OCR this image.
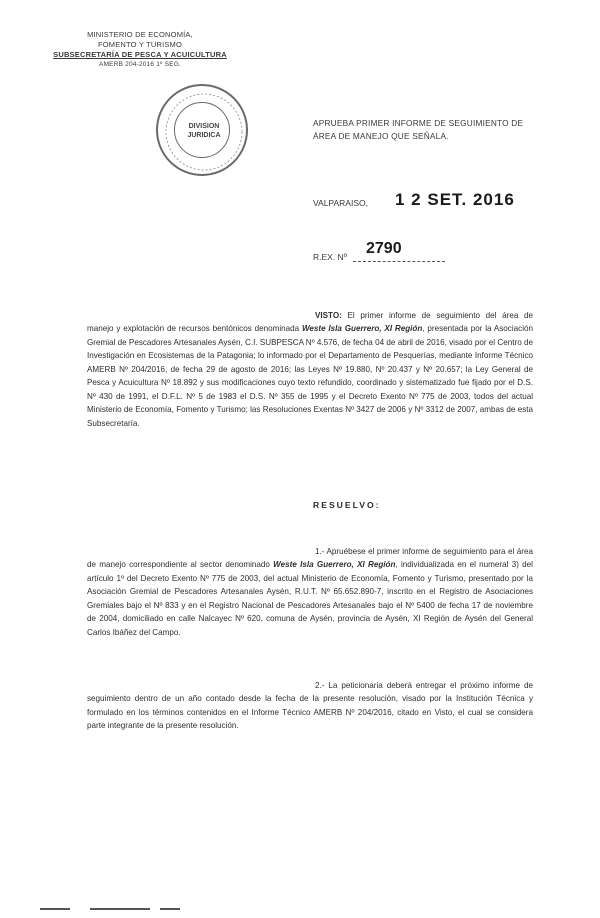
MINISTERIO DE ECONOMÍA,
FOMENTO Y TURISMO
SUBSECRETARÍA DE PESCA Y ACUICULTURA
AMERB 204-2016 1º SEG.
DIVISION
JURIDICA
APRUEBA PRIMER INFORME DE SEGUIMIENTO DE
ÁREA DE MANEJO QUE SEÑALA.
VALPARAISO, 1 2 SET. 2016
R.EX. Nº 2790
VISTO: El primer informe de seguimiento del área de manejo y explotación de recursos bentónicos denominada Weste Isla Guerrero, XI Región, presentada por la Asociación Gremial de Pescadores Artesanales Aysén, C.I. SUBPESCA Nº 4.576, de fecha 04 de abril de 2016, visado por el Centro de Investigación en Ecosistemas de la Patagonia; lo informado por el Departamento de Pesquerías, mediante Informe Técnico AMERB Nº 204/2016, de fecha 29 de agosto de 2016; las Leyes Nº 19.880, Nº 20.437 y Nº 20.657; la Ley General de Pesca y Acuicultura Nº 18.892 y sus modificaciones cuyo texto refundido, coordinado y sistematizado fue fijado por el D.S. Nº 430 de 1991, el D.F.L. Nº 5 de 1983 el D.S. Nº 355 de 1995 y el Decreto Exento Nº 775 de 2003, todos del actual Ministerio de Economía, Fomento y Turismo; las Resoluciones Exentas Nº 3427 de 2006 y Nº 3312 de 2007, ambas de esta Subsecretaría.
RESUELVO:
1.- Apruébese el primer informe de seguimiento para el área de manejo correspondiente al sector denominado Weste Isla Guerrero, XI Región, individualizada en el numeral 3) del artículo 1º del Decreto Exento Nº 775 de 2003, del actual Ministerio de Economía, Fomento y Turismo, presentado por la Asociación Gremial de Pescadores Artesanales Aysén, R.U.T. Nº 65.652.890-7, inscrito en el Registro de Asociaciones Gremiales bajo el Nº 833 y en el Registro Nacional de Pescadores Artesanales bajo el Nº 5400 de fecha 17 de noviembre de 2004, domiciliado en calle Nalcayec Nº 620, comuna de Aysén, provincia de Aysén, XI Región de Aysén del General Carlos Ibáñez del Campo.
2.- La peticionaria deberá entregar el próximo informe de seguimiento dentro de un año contado desde la fecha de la presente resolución, visado por la Institución Técnica y formulado en los términos contenidos en el Informe Técnico AMERB Nº 204/2016, citado en Visto, el cual se considera parte integrante de la presente resolución.
